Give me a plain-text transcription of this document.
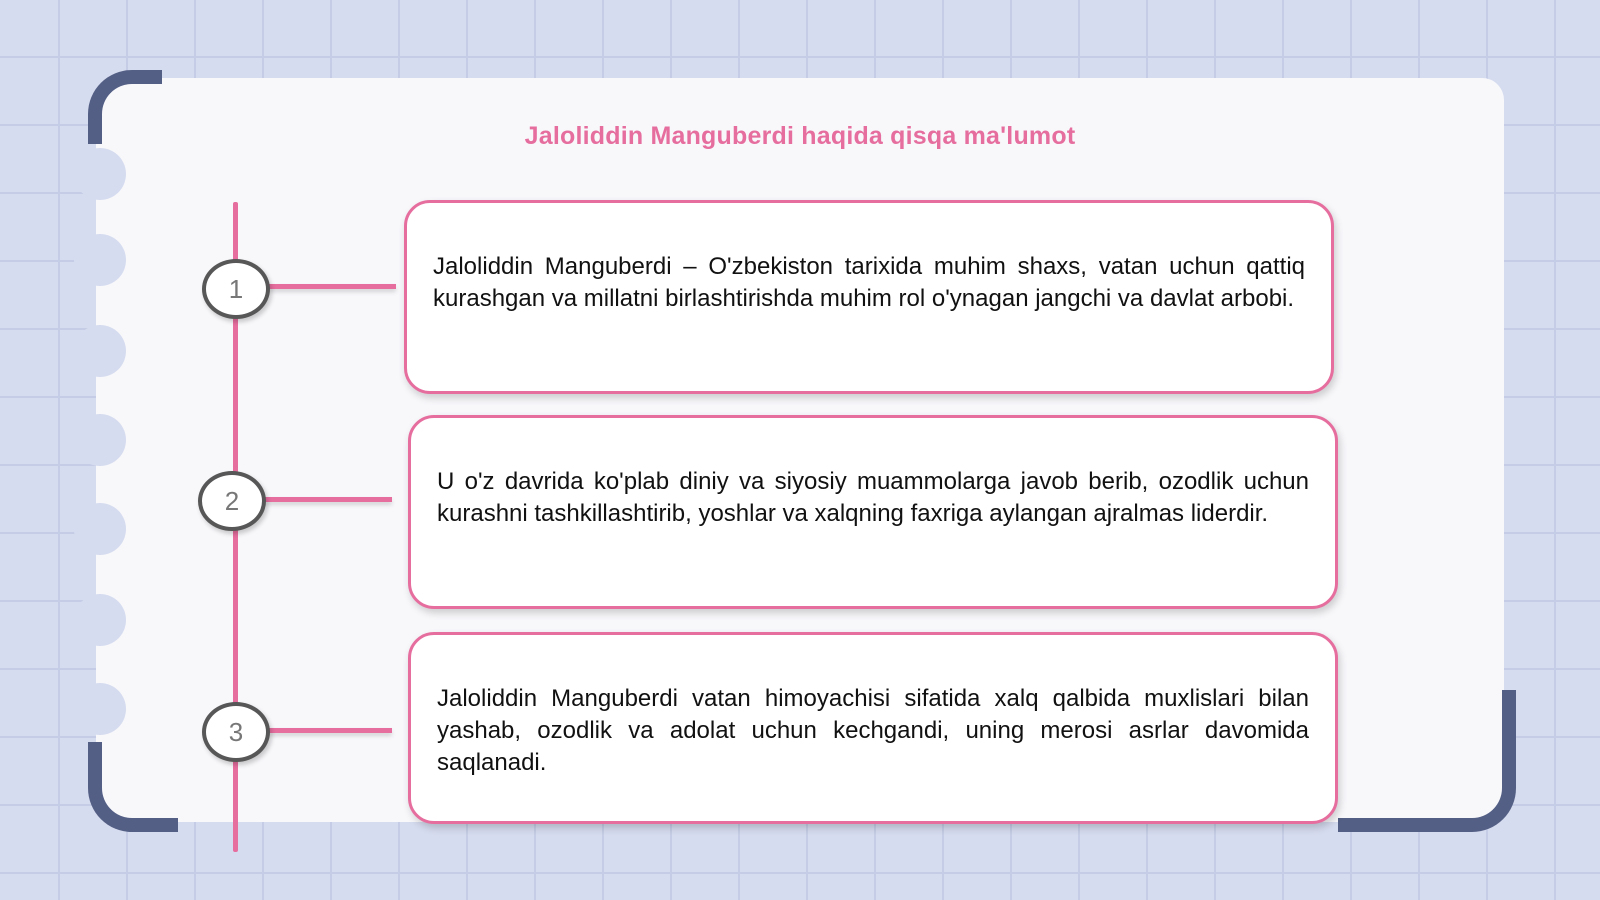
Jaloliddin Manguberdi haqida qisqa ma'lumot
1
2
3

Jaloliddin Manguberdi – O'zbekiston tarixida muhim shaxs, vatan uchun qattiq kurashgan va millatni birlashtirishda muhim rol o'ynagan jangchi va davlat arbobi.

U o'z davrida ko'plab diniy va siyosiy muammolarga javob berib, ozodlik uchun kurashni tashkillashtirib, yoshlar va xalqning faxriga aylangan ajralmas liderdir.

Jaloliddin Manguberdi vatan himoyachisi sifatida xalq qalbida muxlislari bilan yashab, ozodlik va adolat uchun kechgandi, uning merosi asrlar davomida saqlanadi.
